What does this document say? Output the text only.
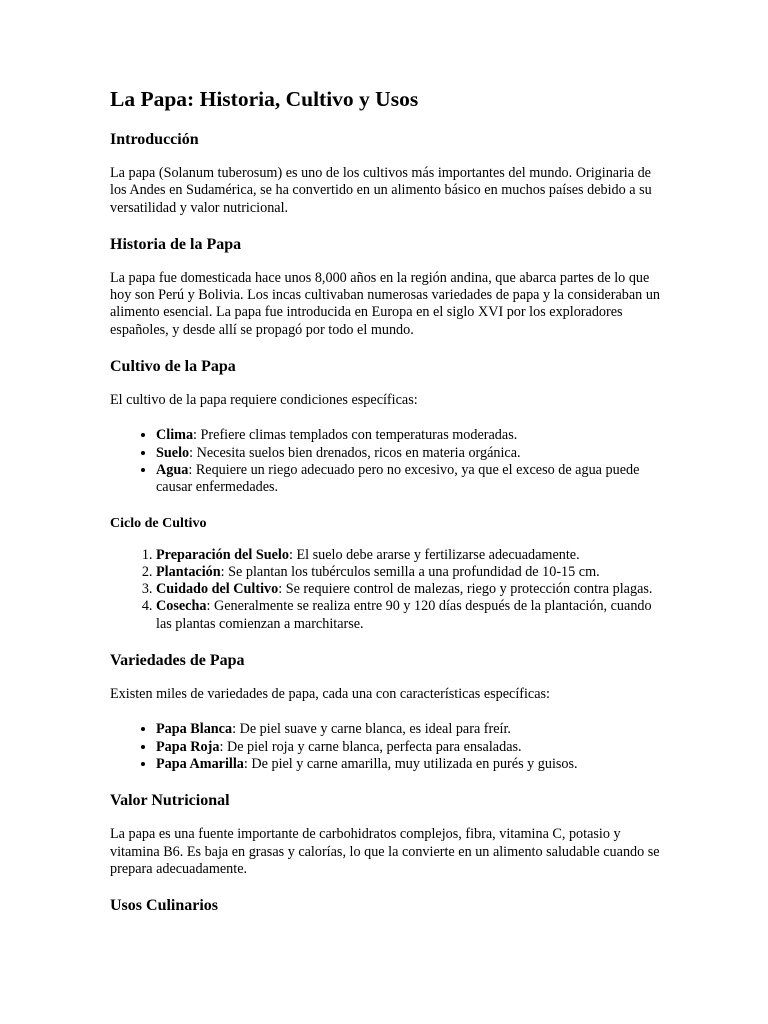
La Papa: Historia, Cultivo y Usos
Introducción

La papa (Solanum tuberosum) es uno de los cultivos más importantes del mundo. Originaria de los Andes en Sudamérica, se ha convertido en un alimento básico en muchos países debido a su versatilidad y valor nutricional.

Historia de la Papa

La papa fue domesticada hace unos 8,000 años en la región andina, que abarca partes de lo que hoy son Perú y Bolivia. Los incas cultivaban numerosas variedades de papa y la consideraban un alimento esencial. La papa fue introducida en Europa en el siglo XVI por los exploradores españoles, y desde allí se propagó por todo el mundo.

Cultivo de la Papa

El cultivo de la papa requiere condiciones específicas:

• Clima: Prefiere climas templados con temperaturas moderadas.
• Suelo: Necesita suelos bien drenados, ricos en materia orgánica.
• Agua: Requiere un riego adecuado pero no excesivo, ya que el exceso de agua puede causar enfermedades.
Ciclo de Cultivo
1. Preparación del Suelo: El suelo debe ararse y fertilizarse adecuadamente.
2. Plantación: Se plantan los tubérculos semilla a una profundidad de 10-15 cm.
3. Cuidado del Cultivo: Se requiere control de malezas, riego y protección contra plagas.
4. Cosecha: Generalmente se realiza entre 90 y 120 días después de la plantación, cuando las plantas comienzan a marchitarse.
Variedades de Papa

Existen miles de variedades de papa, cada una con características específicas:

• Papa Blanca: De piel suave y carne blanca, es ideal para freír.
• Papa Roja: De piel roja y carne blanca, perfecta para ensaladas.
• Papa Amarilla: De piel y carne amarilla, muy utilizada en purés y guisos.
Valor Nutricional

La papa es una fuente importante de carbohidratos complejos, fibra, vitamina C, potasio y vitamina B6. Es baja en grasas y calorías, lo que la convierte en un alimento saludable cuando se prepara adecuadamente.

Usos Culinarios
